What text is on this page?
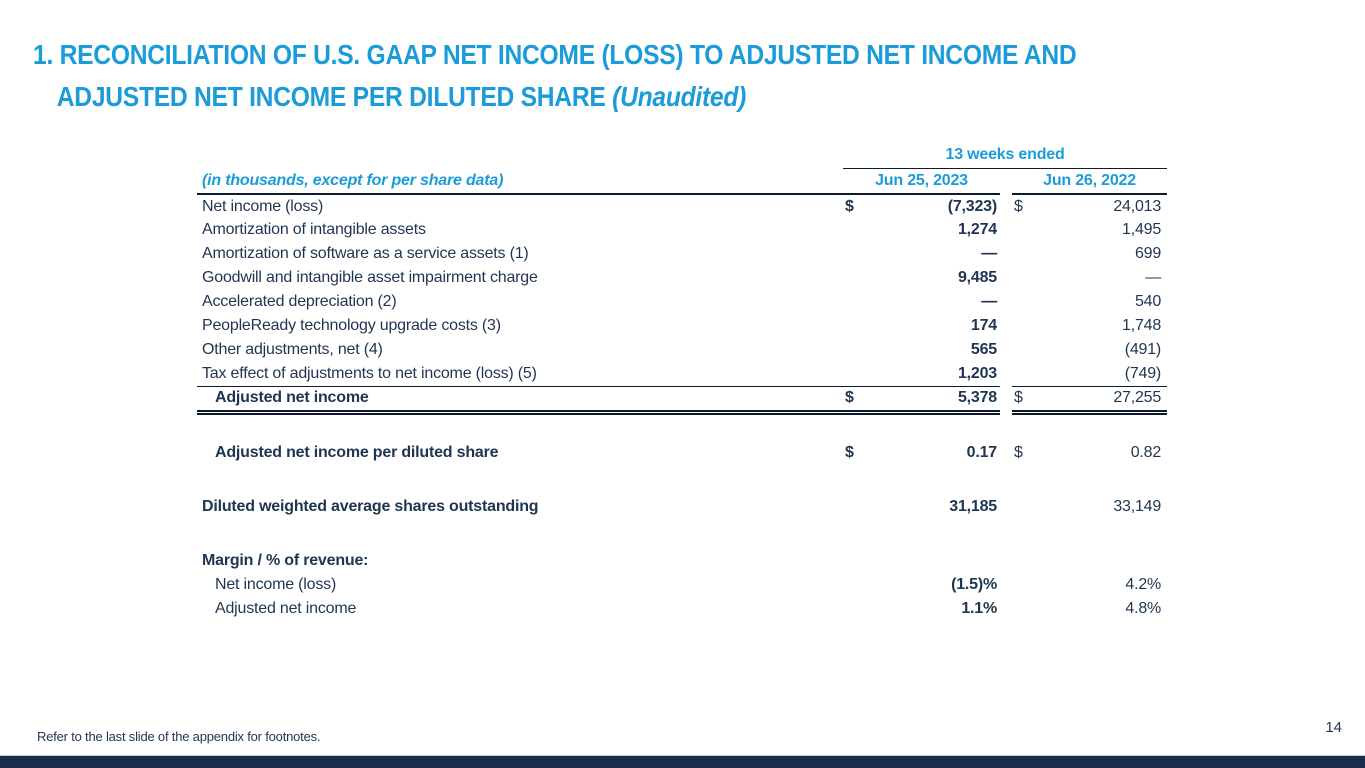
1. RECONCILIATION OF U.S. GAAP NET INCOME (LOSS) TO ADJUSTED NET INCOME AND
ADJUSTED NET INCOME PER DILUTED SHARE (Unaudited)
	13 weeks ended				
(in thousands, except for per share data)	Jun 25, 2023			Jun 26, 2022	
Net income (loss)	$	(7,323)		$	24,013
Amortization of intangible assets		1,274			1,495
Amortization of software as a service assets (1)		—			699
Goodwill and intangible asset impairment charge		9,485			—
Accelerated depreciation (2)		—			540
PeopleReady technology upgrade costs (3)		174			1,748
Other adjustments, net (4)		565			(491)
Tax effect of adjustments to net income (loss) (5)		1,203			(749)
Adjusted net income	$	5,378		$	27,255

Adjusted net income per diluted share	$	0.17		$	0.82

Diluted weighted average shares outstanding		31,185			33,149

Margin / % of revenue:					
Net income (loss)		(1.5)%			4.2%
Adjusted net income		1.1%			4.8%
Refer to the last slide of the appendix for footnotes.
14
